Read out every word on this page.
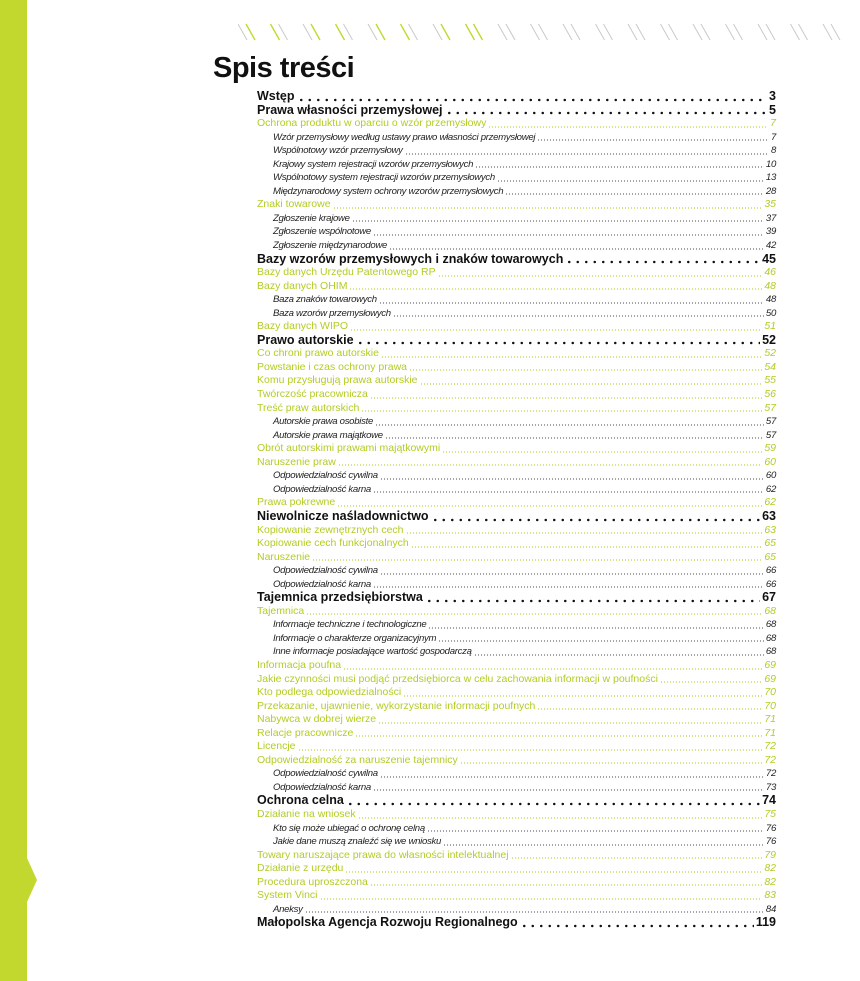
Spis treści
Wstęp	3
Prawa własności przemysłowej	5
Ochrona produktu w oparciu o wzór przemysłowy	7
Wzór przemysłowy według ustawy prawo własności przemysłowej	7
Wspólnotowy wzór przemysłowy	8
Krajowy system rejestracji wzorów przemysłowych	10
Wspólnotowy system rejestracji wzorów przemysłowych	13
Międzynarodowy system ochrony wzorów przemysłowych	28
Znaki towarowe	35
Zgłoszenie krajowe	37
Zgłoszenie wspólnotowe	39
Zgłoszenie międzynarodowe	42
Bazy wzorów przemysłowych i znaków towarowych	45
Bazy danych Urzędu Patentowego RP	46
Bazy danych OHIM	48
Baza znaków towarowych	48
Baza wzorów przemysłowych	50
Bazy danych WIPO	51
Prawo autorskie	52
Co chroni prawo autorskie	52
Powstanie i czas ochrony prawa	54
Komu przysługują prawa autorskie	55
Twórczość pracownicza	56
Treść praw autorskich	57
Autorskie prawa osobiste	57
Autorskie prawa majątkowe	57
Obrót autorskimi prawami majątkowymi	59
Naruszenie praw	60
Odpowiedzialność cywilna	60
Odpowiedzialność karna	62
Prawa pokrewne	62
Niewolnicze naśladownictwo	63
Kopiowanie zewnętrznych cech	63
Kopiowanie cech funkcjonalnych	65
Naruszenie	65
Odpowiedzialność cywilna	66
Odpowiedzialność karna	66
Tajemnica przedsiębiorstwa	67
Tajemnica	68
Informacje techniczne i technologiczne	68
Informacje o charakterze organizacyjnym	68
Inne informacje posiadające wartość gospodarczą	68
Informacja poufna	69
Jakie czynności musi podjąć przedsiębiorca w celu zachowania informacji w poufności	69
Kto podlega odpowiedzialności	70
Przekazanie, ujawnienie, wykorzystanie informacji poufnych	70
Nabywca w dobrej wierze	71
Relacje pracownicze	71
Licencje	72
Odpowiedzialność za naruszenie tajemnicy	72
Odpowiedzialność cywilna	72
Odpowiedzialność karna	73
Ochrona celna	74
Działanie na wniosek	75
Kto się może ubiegać o ochronę celną	76
Jakie dane muszą znaleźć się we wniosku	76
Towary naruszające prawa do własności intelektualnej	79
Działanie z urzędu	82
Procedura uproszczona	82
System Vinci	83
Aneksy	84
Małopolska Agencja Rozwoju Regionalnego	119
